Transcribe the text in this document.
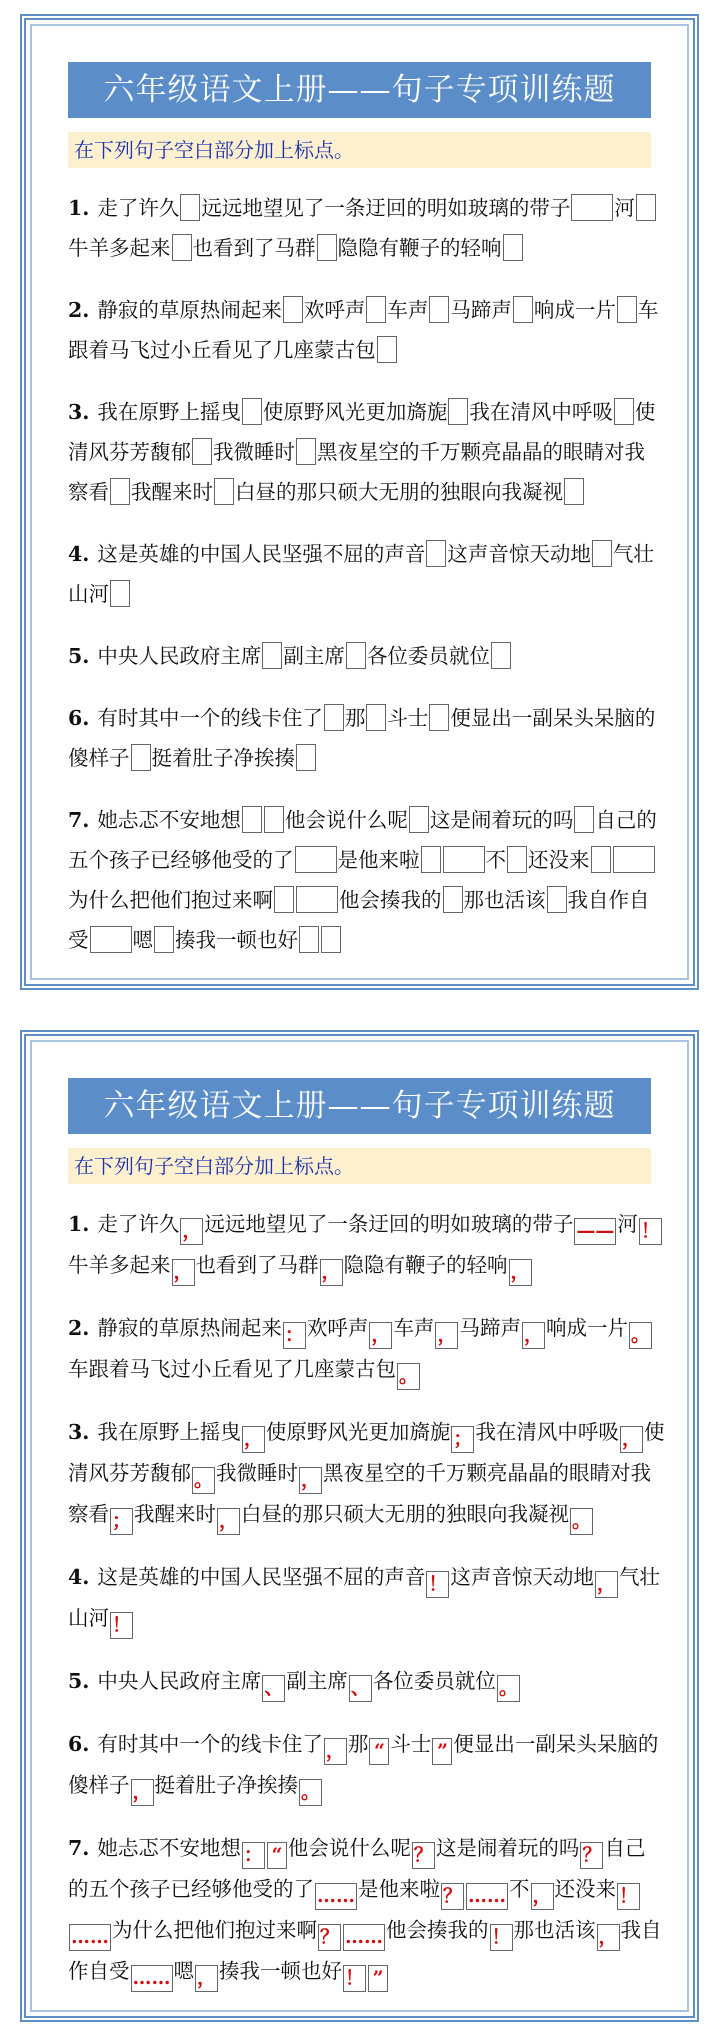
六年级语文上册——句子专项训练题
在下列句子空白部分加上标点。

1. 走了许久 远远地望见了一条迂回的明如玻璃的带子 河牛羊多起来 也看到了马群 隐隐有鞭子的轻响

2. 静寂的草原热闹起来 欢呼声 车声 马蹄声 响成一片 车跟着马飞过小丘看见了几座蒙古包

3. 我在原野上摇曳 使原野风光更加旖旎 我在清风中呼吸 使清风芬芳馥郁 我微睡时 黑夜星空的千万颗亮晶晶的眼睛对我察看 我醒来时 白昼的那只硕大无朋的独眼向我凝视

4. 这是英雄的中国人民坚强不屈的声音 这声音惊天动地 气壮山河

5. 中央人民政府主席 副主席 各位委员就位

6. 有时其中一个的线卡住了 那 斗士 便显出一副呆头呆脑的傻样子 挺着肚子净挨揍

7. 她忐忑不安地想 他会说什么呢 这是闹着玩的吗 自己的五个孩子已经够他受的了 是他来啦	不 还没来为什么把他们抱过来啊	他会揍我的 那也活该 我自作自受 嗯 揍我一顿也好

六年级语文上册——句子专项训练题
在下列句子空白部分加上标点。

1. 走了许久 ， 远远地望见了一条迂回的明如玻璃的带子 —— 河 ！牛羊多起来 ， 也看到了马群 ， 隐隐有鞭子的轻响 ，

2. 静寂的草原热闹起来 ： 欢呼声 ， 车声 ， 马蹄声 ， 响成一片 。车跟着马飞过小丘看见了几座蒙古包 。

3. 我在原野上摇曳 ， 使原野风光更加旖旎 ； 我在清风中呼吸 ， 使清风芬芳馥郁 。 我微睡时 ， 黑夜星空的千万颗亮晶晶的眼睛对我察看 ； 我醒来时 ， 白昼的那只硕大无朋的独眼向我凝视 。

4. 这是英雄的中国人民坚强不屈的声音 ！ 这声音惊天动地 ， 气壮山河 ！

5. 中央人民政府主席 、 副主席 、 各位委员就位 。

6. 有时其中一个的线卡住了 ， 那 “ 斗士 ” 便显出一副呆头呆脑的傻样子 ， 挺着肚子净挨揍 。

7. 她忐忑不安地想 ： “ 他会说什么呢 ？ 这是闹着玩的吗 ？ 自己的五个孩子已经够他受的了 …… 是他来啦 ？ …… 不 ， 还没来 ！…… 为什么把他们抱过来啊 ？ …… 他会揍我的 ！ 那也活该 ， 我自作自受 …… 嗯 ， 揍我一顿也好 ！ ”
